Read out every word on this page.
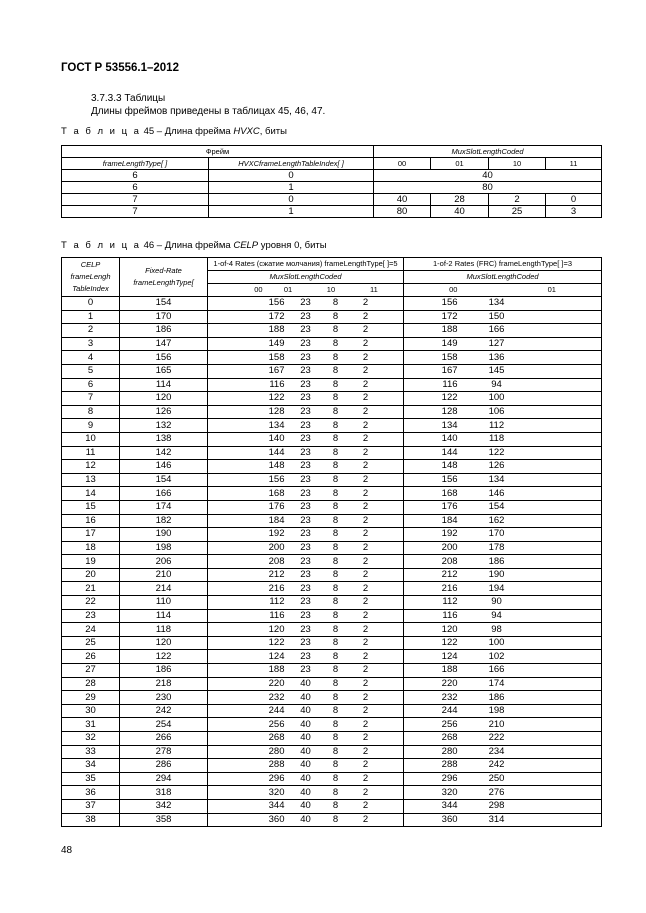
ГОСТ Р 53556.1–2012
3.7.3.3 Таблицы
Длины фреймов приведены в таблицах 45, 46, 47.
Т а б л и ц а 45 – Длина фрейма HVXC, биты
Фрейм		MuxSlotLengthCoded			
frameLengthType[ ]	HVXCframeLengthTableIndex[ ]	00	01	10	11
6	0	40			
6	1	80			
7	0	40	28	2	0
7	1	80	40	25	3
Т а б л и ц а 46 – Длина фрейма CELP уровня 0, биты
CELP frameLengh TableIndex	Fixed-Rate frameLengthType[	1-of-4 Rates (сжатие молчания) frameLengthType[ ]=5					1-of-2 Rates (FRC) frameLengthType[ ]=3		
		MuxSlotLengthCoded					MuxSlotLengthCoded		

		00 01 10 11					00 01		

0	154	156	23	8	2		156	134	
1	170	172	23	8	2		172	150	
2	186	188	23	8	2		188	166	
3	147	149	23	8	2		149	127	
4	156	158	23	8	2		158	136	
5	165	167	23	8	2		167	145	
6	114	116	23	8	2		116	94	
7	120	122	23	8	2		122	100	
8	126	128	23	8	2		128	106	
9	132	134	23	8	2		134	112	
10	138	140	23	8	2		140	118	
11	142	144	23	8	2		144	122	
12	146	148	23	8	2		148	126	
13	154	156	23	8	2		156	134	
14	166	168	23	8	2		168	146	
15	174	176	23	8	2		176	154	
16	182	184	23	8	2		184	162	
17	190	192	23	8	2		192	170	
18	198	200	23	8	2		200	178	
19	206	208	23	8	2		208	186	
20	210	212	23	8	2		212	190	
21	214	216	23	8	2		216	194	
22	110	112	23	8	2		112	90	
23	114	116	23	8	2		116	94	
24	118	120	23	8	2		120	98	
25	120	122	23	8	2		122	100	
26	122	124	23	8	2		124	102	
27	186	188	23	8	2		188	166	
28	218	220	40	8	2		220	174	
29	230	232	40	8	2		232	186	
30	242	244	40	8	2		244	198	
31	254	256	40	8	2		256	210	
32	266	268	40	8	2		268	222	
33	278	280	40	8	2		280	234	
34	286	288	40	8	2		288	242	
35	294	296	40	8	2		296	250	
36	318	320	40	8	2		320	276	
37	342	344	40	8	2		344	298	
38	358	360	40	8	2		360	314	
48
